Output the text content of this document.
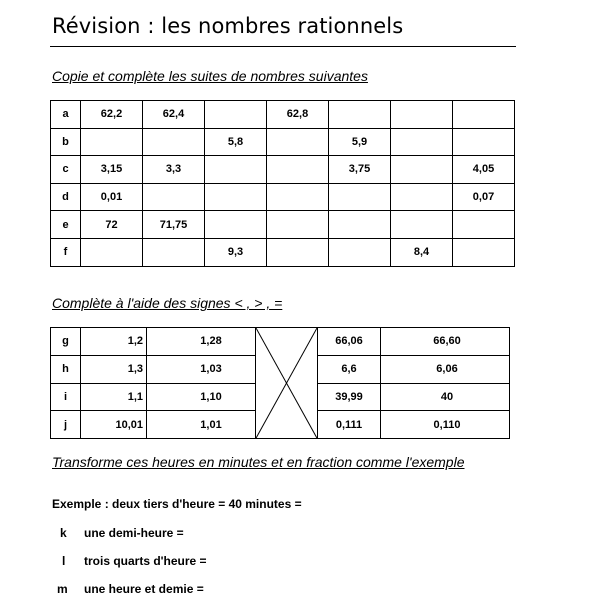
Révision : les nombres rationnels
Copie et complète les suites de nombres suivantes
a	62,2	62,4		62,8			
b			5,8		5,9		
c	3,15	3,3			3,75		4,05
d	0,01						0,07
e	72	71,75					
f			9,3			8,4	
Complète à l'aide des signes < , > , =
g	1,2	1,28		66,06	66,60
h	1,3	1,03		6,6	6,06
i	1,1	1,10		39,99	40
j	10,01	1,01		0,111	0,110
Transforme ces heures en minutes et en fraction comme l'exemple
Exemple : deux tiers d'heure = 40 minutes =
k une demi-heure =
l trois quarts d'heure =
m une heure et demie =
